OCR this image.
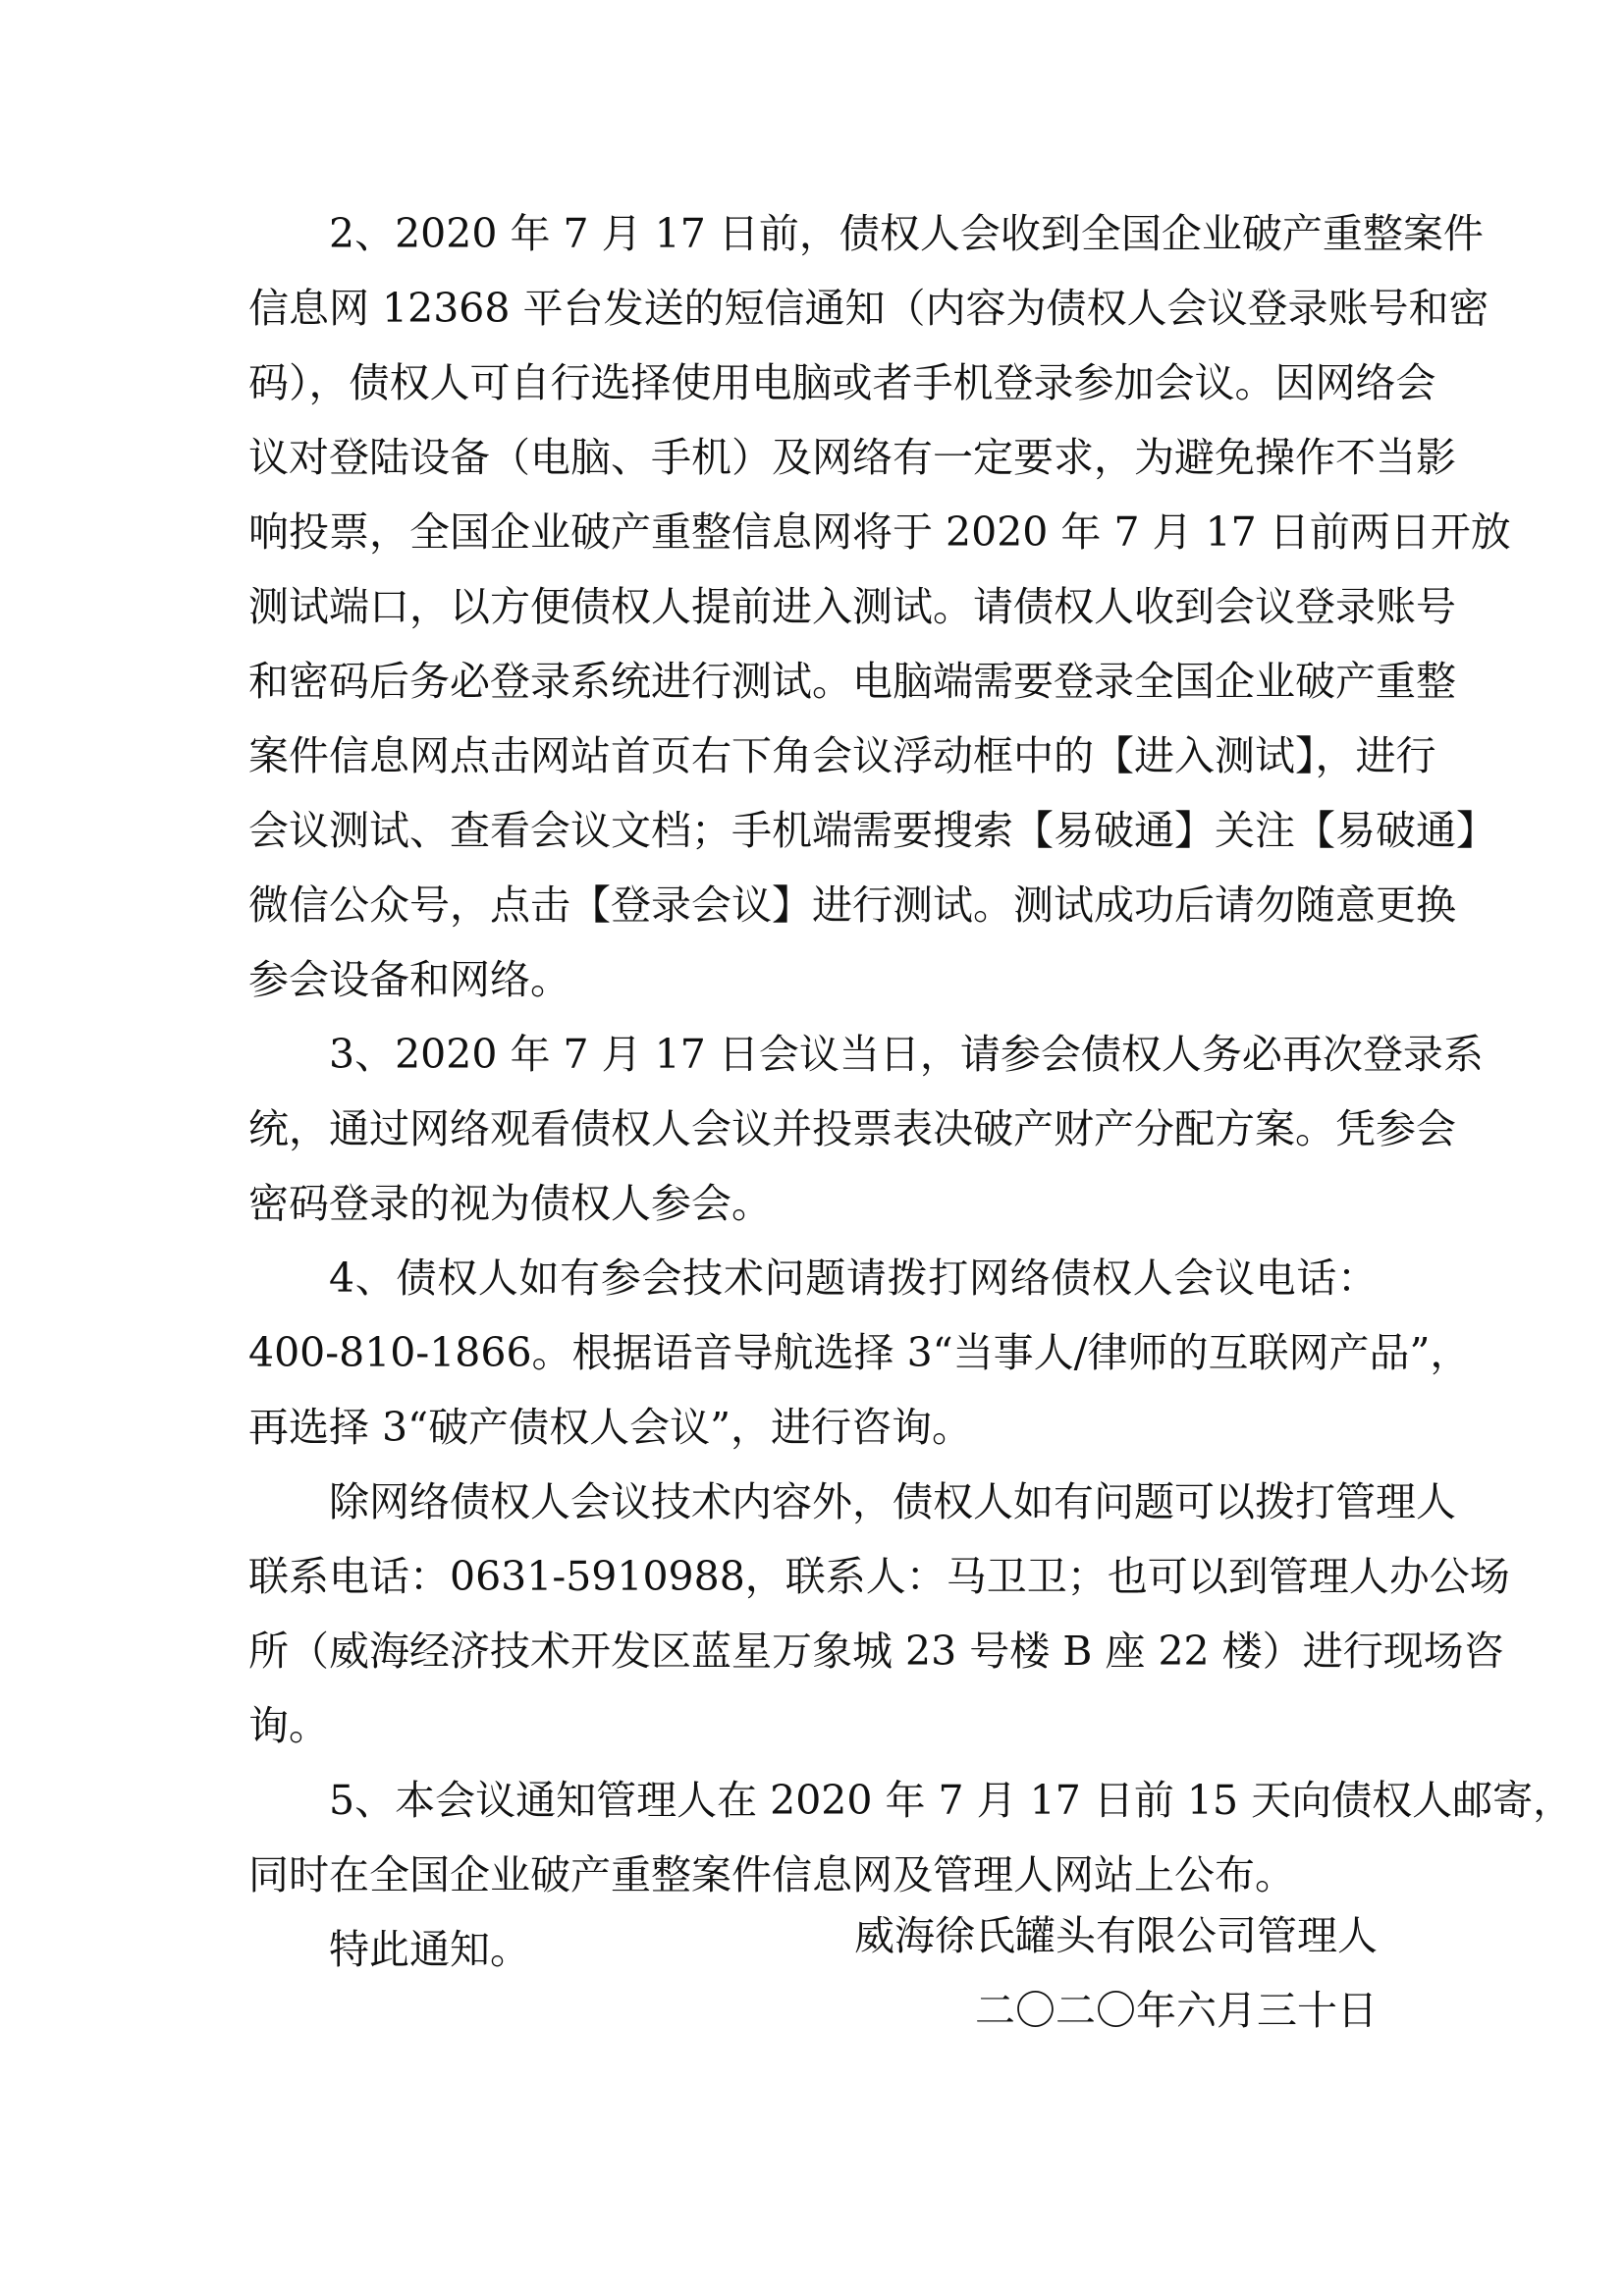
2、2020 年 7 月 17 日前，债权人会收到全国企业破产重整案件
信息网 12368 平台发送的短信通知（内容为债权人会议登录账号和密
码），债权人可自行选择使用电脑或者手机登录参加会议。因网络会
议对登陆设备（电脑、手机）及网络有一定要求，为避免操作不当影
响投票，全国企业破产重整信息网将于 2020 年 7 月 17 日前两日开放
测试端口，以方便债权人提前进入测试。请债权人收到会议登录账号
和密码后务必登录系统进行测试。电脑端需要登录全国企业破产重整
案件信息网点击网站首页右下角会议浮动框中的【进入测试】，进行
会议测试、查看会议文档；手机端需要搜索【易破通】关注【易破通】
微信公众号，点击【登录会议】进行测试。测试成功后请勿随意更换
参会设备和网络。
3、2020 年 7 月 17 日会议当日，请参会债权人务必再次登录系
统，通过网络观看债权人会议并投票表决破产财产分配方案。凭参会
密码登录的视为债权人参会。
4、债权人如有参会技术问题请拨打网络债权人会议电话：
400-810-1866。根据语音导航选择 3“当事人/律师的互联网产品”，
再选择 3“破产债权人会议”，进行咨询。
除网络债权人会议技术内容外，债权人如有问题可以拨打管理人
联系电话：0631-5910988，联系人：马卫卫；也可以到管理人办公场
所（威海经济技术开发区蓝星万象城 23 号楼 B 座 22 楼）进行现场咨
询。
5、本会议通知管理人在 2020 年 7 月 17 日前 15 天向债权人邮寄，
同时在全国企业破产重整案件信息网及管理人网站上公布。
特此通知。	威海徐氏罐头有限公司管理人
二〇二〇年六月三十日
